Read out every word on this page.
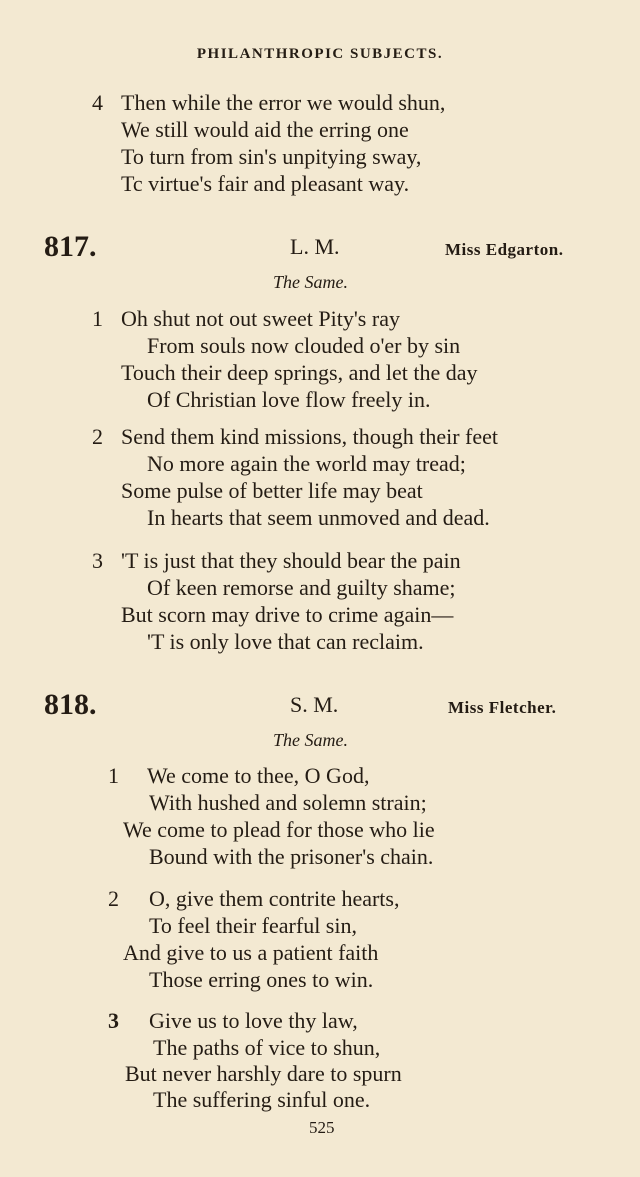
PHILANTHROPIC SUBJECTS.
4 Then while the error we would shun,
We still would aid the erring one
To turn from sin's unpitying sway,
Tc virtue's fair and pleasant way.
817.	L. M.	Miss Edgarton.
The Same.
1 Oh shut not out sweet Pity's ray
From souls now clouded o'er by sin
Touch their deep springs, and let the day
Of Christian love flow freely in.
2 Send them kind missions, though their feet
No more again the world may tread;
Some pulse of better life may beat
In hearts that seem unmoved and dead.
3 'T is just that they should bear the pain
Of keen remorse and guilty shame;
But scorn may drive to crime again—
'T is only love that can reclaim.
818.	S. M.	Miss Fletcher.
The Same.
1 We come to thee, O God,
With hushed and solemn strain;
We come to plead for those who lie
Bound with the prisoner's chain.
2 O, give them contrite hearts,
To feel their fearful sin,
And give to us a patient faith
Those erring ones to win.
3 Give us to love thy law,
The paths of vice to shun,
But never harshly dare to spurn
The suffering sinful one.
525
